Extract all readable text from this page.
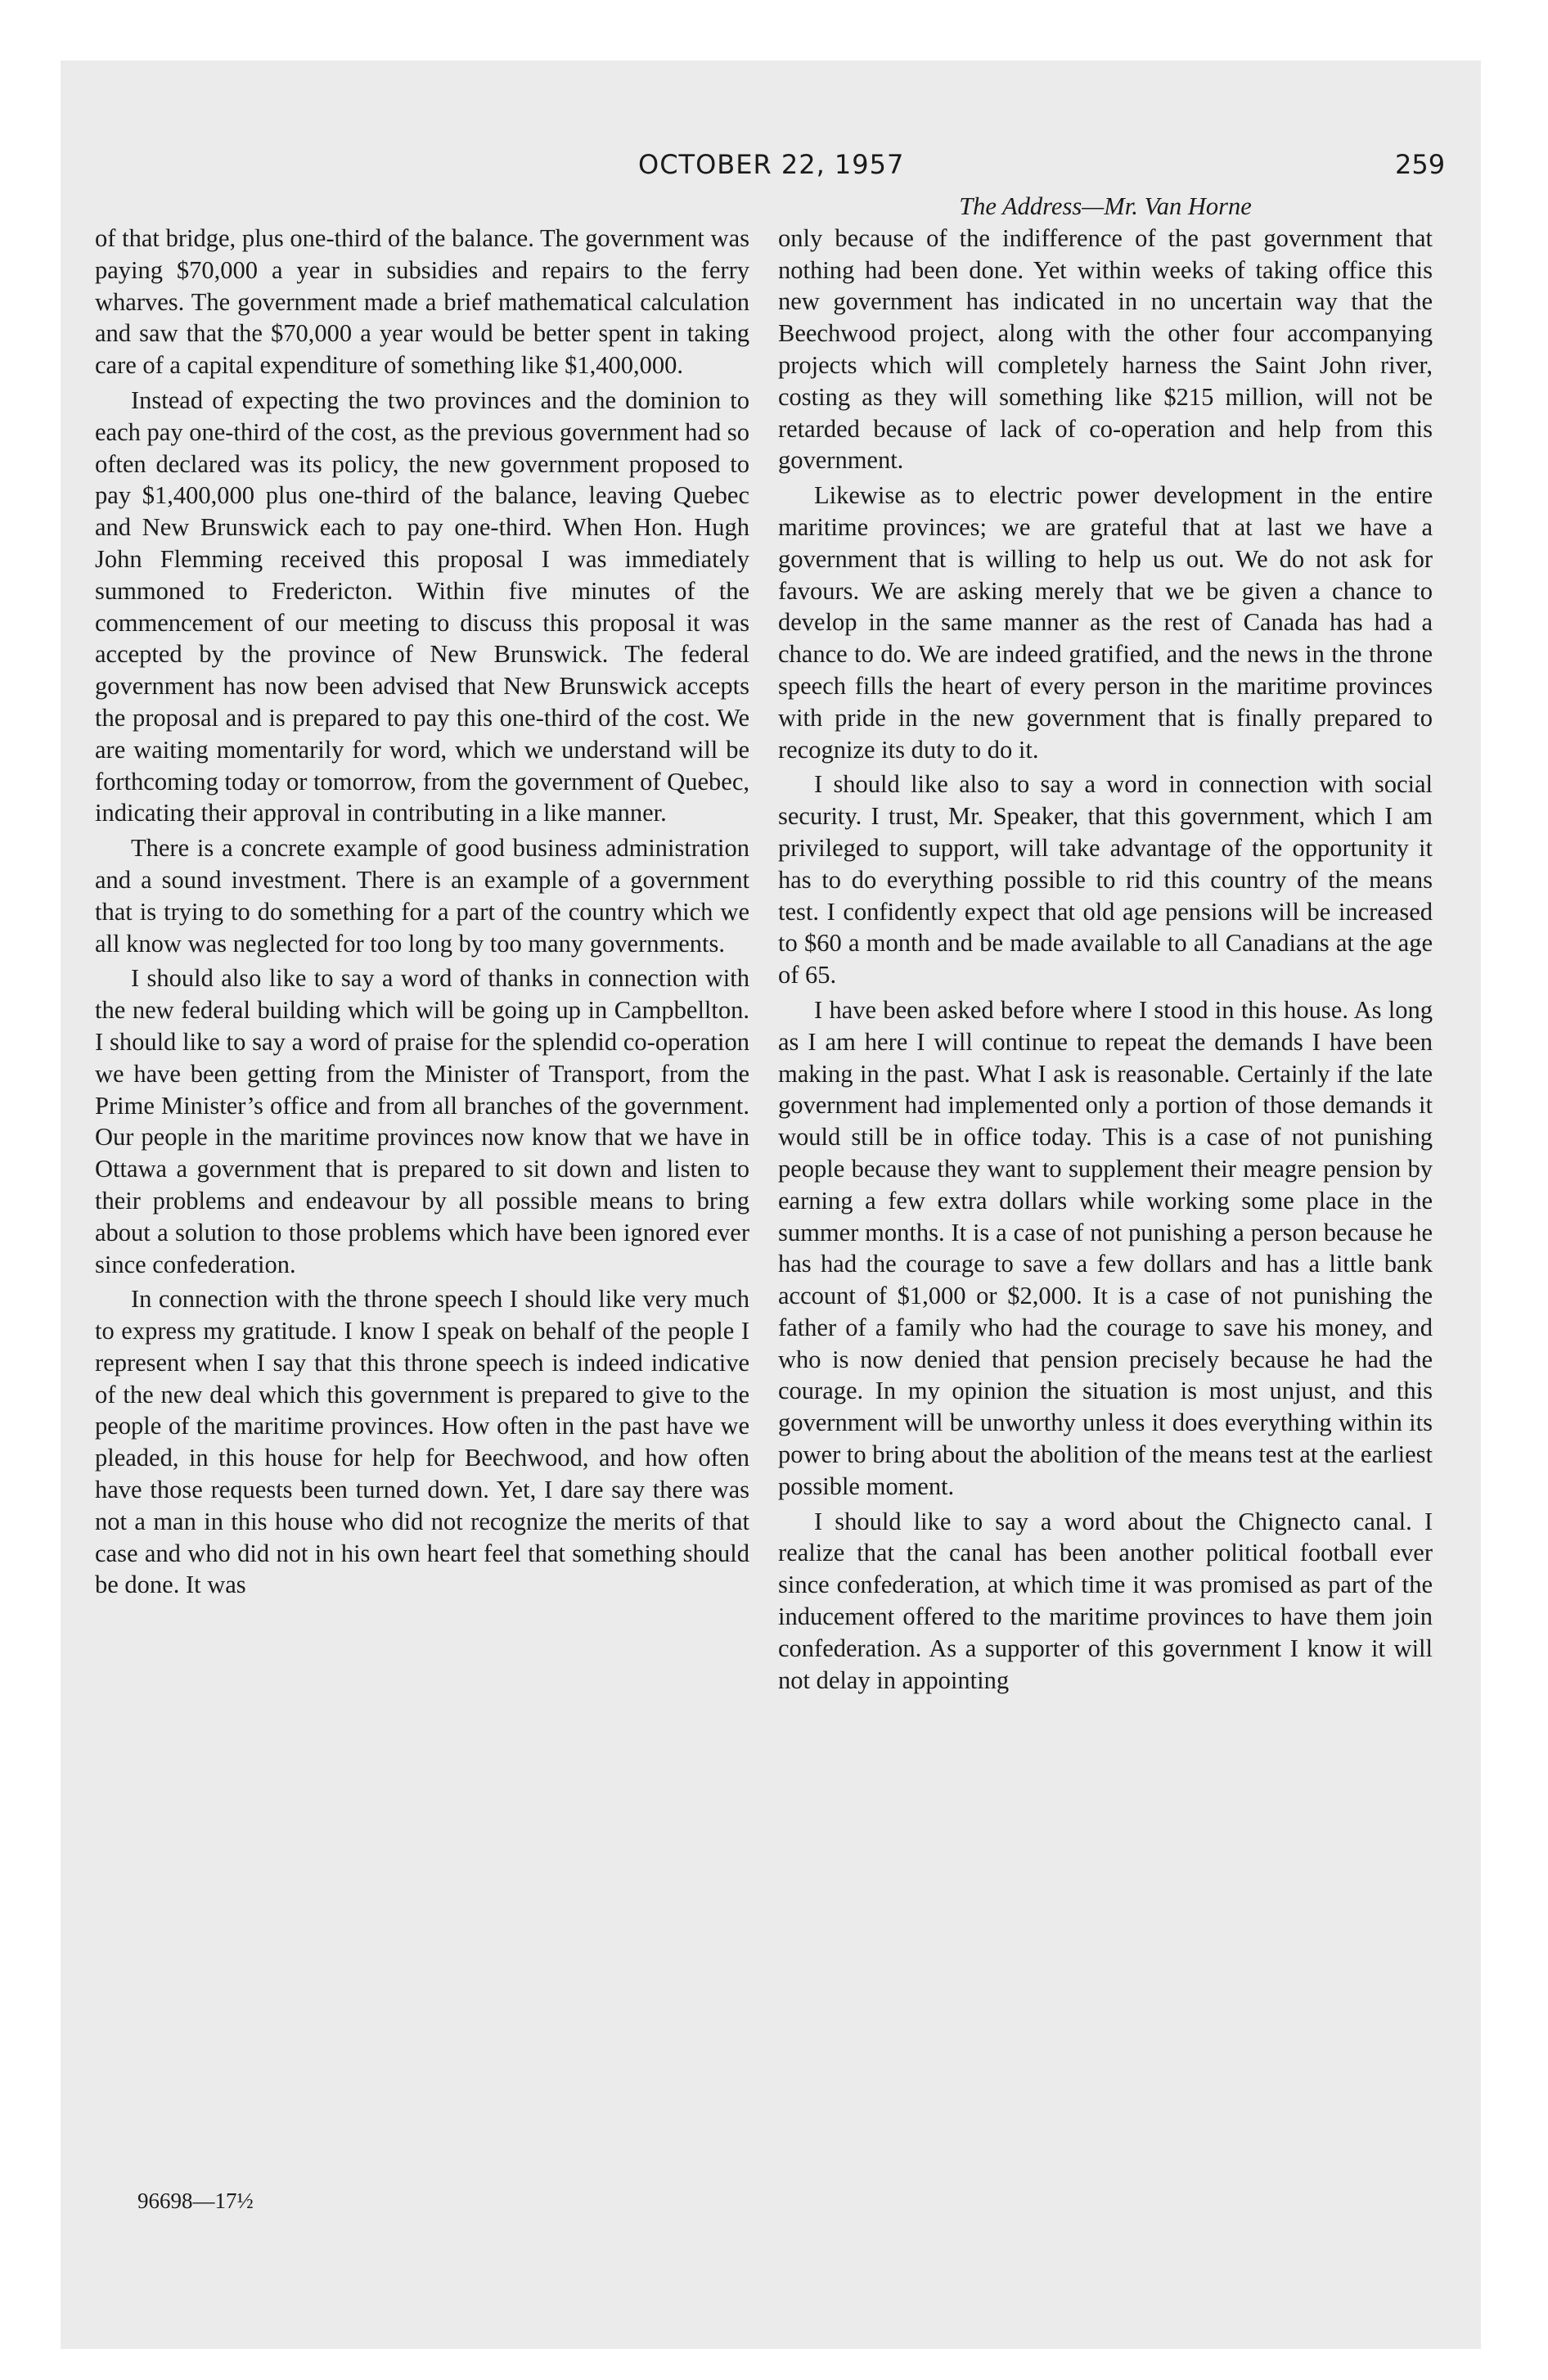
OCTOBER 22, 1957	259

of that bridge, plus one-third of the balance. The government was paying $70,000 a year in subsidies and repairs to the ferry wharves. The government made a brief mathematical calculation and saw that the $70,000 a year would be better spent in taking care of a capital expenditure of something like $1,400,000.

Instead of expecting the two provinces and the dominion to each pay one-third of the cost, as the previous government had so often declared was its policy, the new government proposed to pay $1,400,000 plus one-third of the balance, leaving Quebec and New Brunswick each to pay one-third. When Hon. Hugh John Flemming received this proposal I was immediately summoned to Fredericton. Within five minutes of the commencement of our meeting to discuss this proposal it was accepted by the province of New Brunswick. The federal government has now been advised that New Brunswick accepts the proposal and is prepared to pay this one-third of the cost. We are waiting momentarily for word, which we understand will be forthcoming today or tomorrow, from the government of Quebec, indicating their approval in contributing in a like manner.

There is a concrete example of good business administration and a sound investment. There is an example of a government that is trying to do something for a part of the country which we all know was neglected for too long by too many governments.

I should also like to say a word of thanks in connection with the new federal building which will be going up in Campbellton. I should like to say a word of praise for the splendid co-operation we have been getting from the Minister of Transport, from the Prime Minister’s office and from all branches of the government. Our people in the maritime provinces now know that we have in Ottawa a government that is prepared to sit down and listen to their problems and endeavour by all possible means to bring about a solution to those problems which have been ignored ever since confederation.

In connection with the throne speech I should like very much to express my gratitude. I know I speak on behalf of the people I represent when I say that this throne speech is indeed indicative of the new deal which this government is prepared to give to the people of the maritime provinces. How often in the past have we pleaded, in this house for help for Beechwood, and how often have those requests been turned down. Yet, I dare say there was not a man in this house who did not recognize the merits of that case and who did not in his own heart feel that something should be done. It was

The Address—Mr. Van Horne

only because of the indifference of the past government that nothing had been done. Yet within weeks of taking office this new government has indicated in no uncertain way that the Beechwood project, along with the other four accompanying projects which will completely harness the Saint John river, costing as they will something like $215 million, will not be retarded because of lack of co-operation and help from this government.

Likewise as to electric power development in the entire maritime provinces; we are grateful that at last we have a government that is willing to help us out. We do not ask for favours. We are asking merely that we be given a chance to develop in the same manner as the rest of Canada has had a chance to do. We are indeed gratified, and the news in the throne speech fills the heart of every person in the maritime provinces with pride in the new government that is finally prepared to recognize its duty to do it.

I should like also to say a word in connection with social security. I trust, Mr. Speaker, that this government, which I am privileged to support, will take advantage of the opportunity it has to do everything possible to rid this country of the means test. I confidently expect that old age pensions will be increased to $60 a month and be made available to all Canadians at the age of 65.

I have been asked before where I stood in this house. As long as I am here I will continue to repeat the demands I have been making in the past. What I ask is reasonable. Certainly if the late government had implemented only a portion of those demands it would still be in office today. This is a case of not punishing people because they want to supplement their meagre pension by earning a few extra dollars while working some place in the summer months. It is a case of not punishing a person because he has had the courage to save a few dollars and has a little bank account of $1,000 or $2,000. It is a case of not punishing the father of a family who had the courage to save his money, and who is now denied that pension precisely because he had the courage. In my opinion the situation is most unjust, and this government will be unworthy unless it does everything within its power to bring about the abolition of the means test at the earliest possible moment.

I should like to say a word about the Chignecto canal. I realize that the canal has been another political football ever since confederation, at which time it was promised as part of the inducement offered to the maritime provinces to have them join confederation. As a supporter of this government I know it will not delay in appointing

96698—17½
